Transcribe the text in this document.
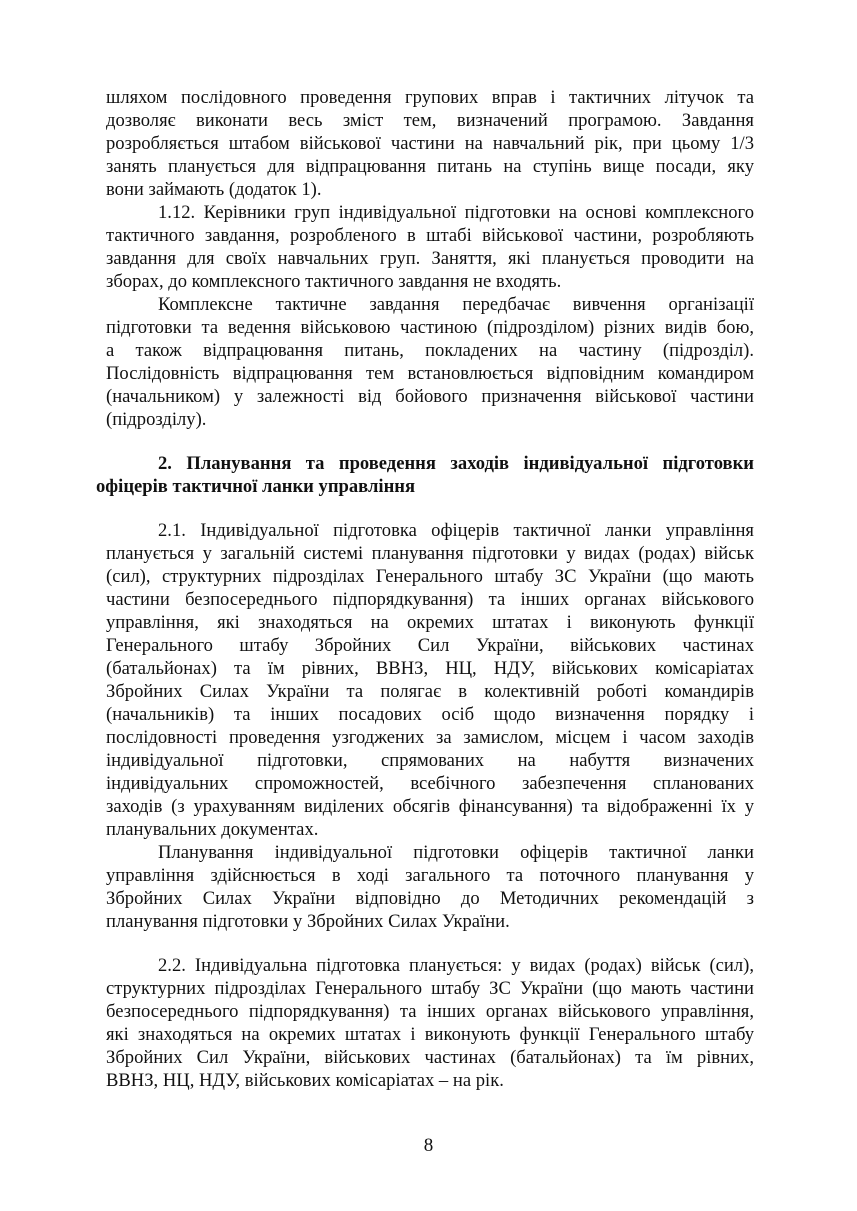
шляхом послідовного проведення групових вправ і тактичних літучок та
дозволяє виконати весь зміст тем, визначений програмою. Завдання
розробляється штабом військової частини на навчальний рік, при цьому 1/3
занять планується для відпрацювання питань на ступінь вище посади, яку
вони займають (додаток 1).
1.12. Керівники груп індивідуальної підготовки на основі комплексного
тактичного завдання, розробленого в штабі військової частини, розробляють
завдання для своїх навчальних груп. Заняття, які планується проводити на
зборах, до комплексного тактичного завдання не входять.
Комплексне тактичне завдання передбачає вивчення організації
підготовки та ведення військовою частиною (підрозділом) різних видів бою,
а також відпрацювання питань, покладених на частину (підрозділ).
Послідовність відпрацювання тем встановлюється відповідним командиром
(начальником) у залежності від бойового призначення військової частини
(підрозділу).
2. Планування та проведення заходів індивідуальної підготовки
офіцерів тактичної ланки управління
2.1. Індивідуальної підготовка офіцерів тактичної ланки управління
планується у загальній системі планування підготовки у видах (родах) військ
(сил), структурних підрозділах Генерального штабу ЗС України (що мають
частини безпосереднього підпорядкування) та інших органах військового
управління, які знаходяться на окремих штатах і виконують функції
Генерального штабу Збройних Сил України, військових частинах
(батальйонах) та їм рівних, ВВНЗ, НЦ, НДУ, військових комісаріатах
Збройних Силах України та полягає в колективній роботі командирів
(начальників) та інших посадових осіб щодо визначення порядку і
послідовності проведення узгоджених за замислом, місцем і часом заходів
індивідуальної підготовки, спрямованих на набуття визначених
індивідуальних спроможностей, всебічного забезпечення спланованих
заходів (з урахуванням виділених обсягів фінансування) та відображенні їх у
планувальних документах.
Планування індивідуальної підготовки офіцерів тактичної ланки
управління здійснюється в ході загального та поточного планування у
Збройних Силах України відповідно до Методичних рекомендацій з
планування підготовки у Збройних Силах України.
2.2. Індивідуальна підготовка планується: у видах (родах) військ (сил),
структурних підрозділах Генерального штабу ЗС України (що мають частини
безпосереднього підпорядкування) та інших органах військового управління,
які знаходяться на окремих штатах і виконують функції Генерального штабу
Збройних Сил України, військових частинах (батальйонах) та їм рівних,
ВВНЗ, НЦ, НДУ, військових комісаріатах – на рік.
8
